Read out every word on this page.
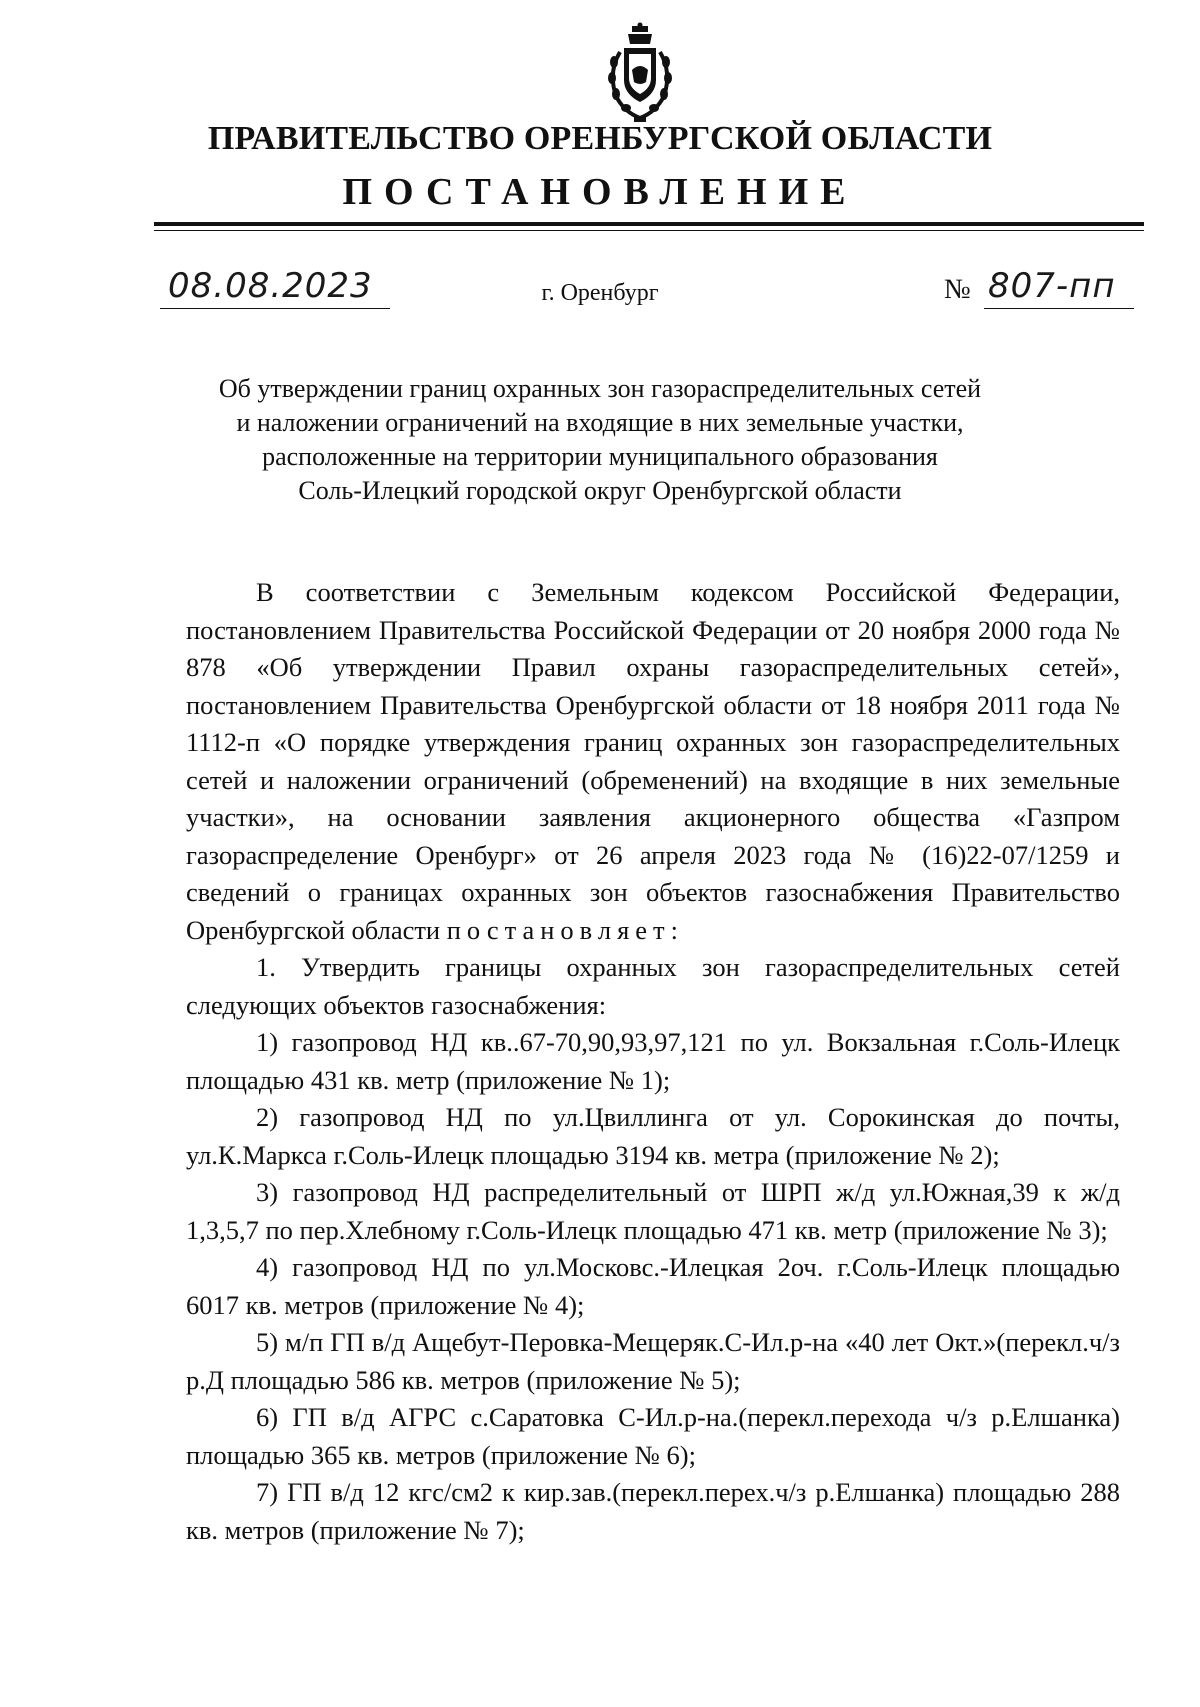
ПРАВИТЕЛЬСТВО ОРЕНБУРГСКОЙ ОБЛАСТИ
ПОСТАНОВЛЕНИЕ
08.08.2023	г. Оренбург	№ 807-пп
Об утверждении границ охранных зон газораспределительных сетей
и наложении ограничений на входящие в них земельные участки,
расположенные на территории муниципального образования
Соль-Илецкий городской округ Оренбургской области

В соответствии с Земельным кодексом Российской Федерации, постановлением Правительства Российской Федерации от 20 ноября 2000 года № 878 «Об утверждении Правил охраны газораспределительных сетей», постановлением Правительства Оренбургской области от 18 ноября 2011 года № 1112-п «О порядке утверждения границ охранных зон газораспределительных сетей и наложении ограничений (обременений) на входящие в них земельные участки», на основании заявления акционерного общества «Газпром газораспределение Оренбург» от 26 апреля 2023 года № (16)22-07/1259 и сведений о границах охранных зон объектов газоснабжения Правительство Оренбургской области постановляет:

1. Утвердить границы охранных зон газораспределительных сетей следующих объектов газоснабжения:

1) газопровод НД кв..67-70,90,93,97,121 по ул. Вокзальная г.Соль-Илецк площадью 431 кв. метр (приложение № 1);

2) газопровод НД по ул.Цвиллинга от ул. Сорокинская до почты, ул.К.Маркса г.Соль-Илецк площадью 3194 кв. метра (приложение № 2);

3) газопровод НД распределительный от ШРП ж/д ул.Южная,39 к ж/д 1,3,5,7 по пер.Хлебному г.Соль-Илецк площадью 471 кв. метр (приложение № 3);

4) газопровод НД по ул.Московс.-Илецкая 2оч. г.Соль-Илецк площадью 6017 кв. метров (приложение № 4);

5) м/п ГП в/д Ащебут-Перовка-Мещеряк.С-Ил.р-на «40 лет Окт.»(перекл.ч/з р.Д площадью 586 кв. метров (приложение № 5);

6) ГП в/д АГРС с.Саратовка С-Ил.р-на.(перекл.перехода ч/з р.Елшанка) площадью 365 кв. метров (приложение № 6);

7) ГП в/д 12 кгс/см2 к кир.зав.(перекл.перех.ч/з р.Елшанка) площадью 288 кв. метров (приложение № 7);
